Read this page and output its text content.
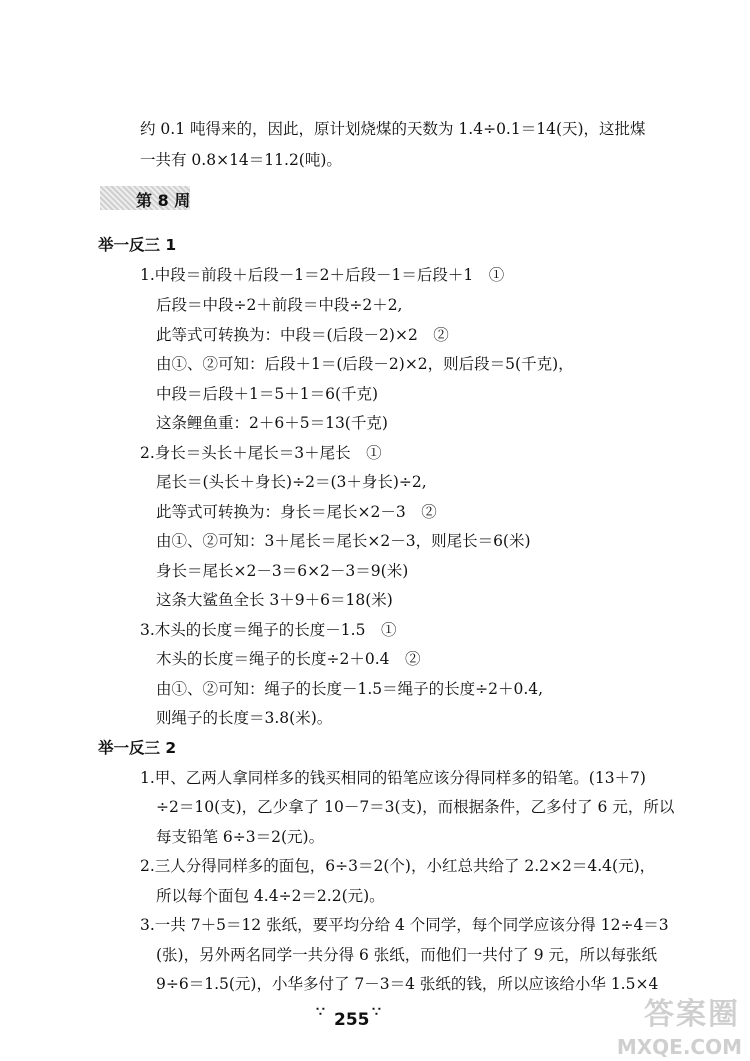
约 0.1 吨得来的，因此，原计划烧煤的天数为 1.4÷0.1＝14(天)，这批煤
一共有 0.8×14＝11.2(吨)。
第 8 周
举一反三 1
1.中段＝前段＋后段－1＝2＋后段－1＝后段＋1　①
后段＝中段÷2＋前段＝中段÷2＋2,
此等式可转换为：中段＝(后段－2)×2　②
由①、②可知：后段＋1＝(后段－2)×2，则后段＝5(千克)，
中段＝后段＋1＝5＋1＝6(千克)
这条鲤鱼重：2＋6＋5＝13(千克)
2.身长＝头长＋尾长＝3＋尾长　①
尾长＝(头长＋身长)÷2＝(3＋身长)÷2,
此等式可转换为：身长＝尾长×2－3　②
由①、②可知：3＋尾长＝尾长×2－3，则尾长＝6(米)
身长＝尾长×2－3＝6×2－3＝9(米)
这条大鲨鱼全长 3＋9＋6＝18(米)
3.木头的长度＝绳子的长度－1.5　①
木头的长度＝绳子的长度÷2＋0.4　②
由①、②可知：绳子的长度－1.5＝绳子的长度÷2＋0.4,
则绳子的长度＝3.8(米)。
举一反三 2
1.甲、乙两人拿同样多的钱买相同的铅笔应该分得同样多的铅笔。(13＋7)
÷2＝10(支)，乙少拿了 10－7＝3(支)，而根据条件，乙多付了 6 元，所以
每支铅笔 6÷3＝2(元)。
2.三人分得同样多的面包，6÷3＝2(个)，小红总共给了 2.2×2＝4.4(元)，
所以每个面包 4.4÷2＝2.2(元)。
3.一共 7＋5＝12 张纸，要平均分给 4 个同学，每个同学应该分得 12÷4＝3
(张)，另外两名同学一共分得 6 张纸，而他们一共付了 9 元，所以每张纸
9÷6＝1.5(元)，小华多付了 7－3＝4 张纸的钱，所以应该给小华 1.5×4
∵ 255 ∵	答案圈
MXQE.COM
